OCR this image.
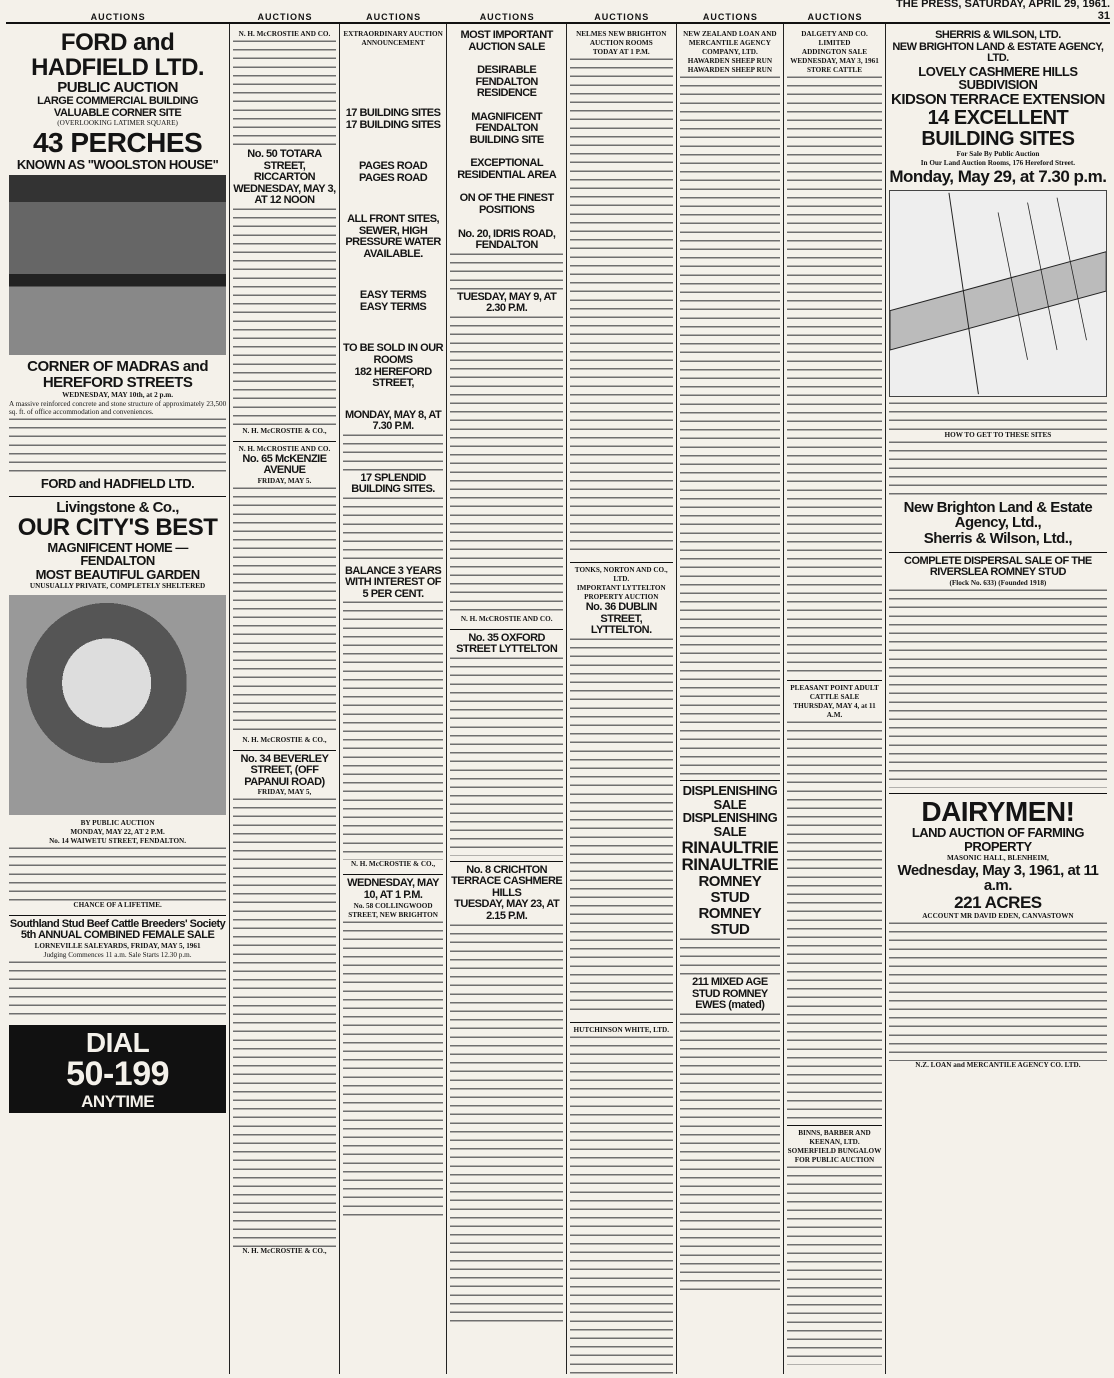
AUCTIONS	AUCTIONS	AUCTIONS	AUCTIONS	AUCTIONS	AUCTIONS	AUCTIONS
THE PRESS, SATURDAY, APRIL 29, 1961. 31
FORD and HADFIELD LTD.
PUBLIC AUCTION
LARGE COMMERCIAL BUILDING
VALUABLE CORNER SITE
(OVERLOOKING LATIMER SQUARE)
43 PERCHES
KNOWN AS "WOOLSTON HOUSE"
CORNER OF MADRAS and HEREFORD STREETS
WEDNESDAY, MAY 10th, at 2 p.m.
A massive reinforced concrete and stone structure of approximately 23,500 sq. ft. of office accommodation and conveniences.
FORD and HADFIELD LTD.
Livingstone & Co.,
OUR CITY'S BEST
MAGNIFICENT HOME — FENDALTON
MOST BEAUTIFUL GARDEN
UNUSUALLY PRIVATE, COMPLETELY SHELTERED
BY PUBLIC AUCTION
MONDAY, MAY 22, AT 2 P.M.
No. 14 WAIWETU STREET, FENDALTON.
CHANCE OF A LIFETIME.
Southland Stud Beef Cattle Breeders' Society
5th ANNUAL COMBINED FEMALE SALE
LORNEVILLE SALEYARDS, FRIDAY, MAY 5, 1961
Judging Commences 11 a.m. Sale Starts 12.30 p.m.
DIAL
50-199
ANYTIME
N. H. McCROSTIE AND CO.
No. 50 TOTARA STREET, RICCARTON
WEDNESDAY, MAY 3, AT 12 NOON
N. H. McCROSTIE & CO.,
N. H. McCROSTIE AND CO.
No. 65 McKENZIE AVENUE
FRIDAY, MAY 5.
N. H. McCROSTIE & CO.,
No. 34 BEVERLEY STREET, (OFF PAPANUI ROAD)
FRIDAY, MAY 5,
N. H. McCROSTIE & CO.,
EXTRAORDINARY AUCTION ANNOUNCEMENT
17 BUILDING SITES
17 BUILDING SITES
PAGES ROAD
PAGES ROAD
ALL FRONT SITES, SEWER, HIGH PRESSURE WATER AVAILABLE.
EASY TERMS
EASY TERMS
TO BE SOLD IN OUR ROOMS
182 HEREFORD STREET,
MONDAY, MAY 8, AT 7.30 P.M.
17 SPLENDID BUILDING SITES.
BALANCE 3 YEARS WITH INTEREST OF 5 PER CENT.
N. H. McCROSTIE & CO.,
WEDNESDAY, MAY 10, AT 1 P.M.
No. 58 COLLINGWOOD STREET, NEW BRIGHTON
MOST IMPORTANT AUCTION SALE
DESIRABLE FENDALTON RESIDENCE
MAGNIFICENT FENDALTON BUILDING SITE
EXCEPTIONAL RESIDENTIAL AREA
ON OF THE FINEST POSITIONS
No. 20, IDRIS ROAD, FENDALTON
TUESDAY, MAY 9, AT 2.30 P.M.
N. H. McCROSTIE AND CO.
No. 35 OXFORD STREET LYTTELTON
No. 8 CRICHTON TERRACE CASHMERE HILLS
TUESDAY, MAY 23, AT 2.15 P.M.
NELMES NEW BRIGHTON AUCTION ROOMS
TODAY AT 1 P.M.
TONKS, NORTON AND CO., LTD.
IMPORTANT LYTTELTON PROPERTY AUCTION
No. 36 DUBLIN STREET, LYTTELTON.
HUTCHINSON WHITE, LTD.
NEW ZEALAND LOAN AND MERCANTILE AGENCY COMPANY, LTD.
HAWARDEN SHEEP RUN
HAWARDEN SHEEP RUN
DISPLENISHING SALE
DISPLENISHING SALE
RINAULTRIE
RINAULTRIE
ROMNEY STUD
ROMNEY STUD
211 MIXED AGE STUD ROMNEY EWES (mated)
DALGETY AND CO. LIMITED
ADDINGTON SALE
WEDNESDAY, MAY 3, 1961
STORE CATTLE
PLEASANT POINT ADULT CATTLE SALE
THURSDAY, MAY 4, at 11 A.M.
BINNS, BARBER AND KEENAN, LTD.
SOMERFIELD BUNGALOW FOR PUBLIC AUCTION
SHERRIS & WILSON, LTD.
NEW BRIGHTON LAND & ESTATE AGENCY, LTD.
LOVELY CASHMERE HILLS SUBDIVISION
KIDSON TERRACE EXTENSION
14 EXCELLENT BUILDING SITES
For Sale By Public Auction
In Our Land Auction Rooms, 176 Hereford Street.
Monday, May 29, at 7.30 p.m.
HOW TO GET TO THESE SITES
New Brighton Land & Estate Agency, Ltd.,
Sherris & Wilson, Ltd.,
COMPLETE DISPERSAL SALE OF THE RIVERSLEA ROMNEY STUD
(Flock No. 633) (Founded 1918)
DAIRYMEN!
LAND AUCTION OF FARMING PROPERTY
MASONIC HALL, BLENHEIM,
Wednesday, May 3, 1961, at 11 a.m.
221 ACRES
ACCOUNT MR DAVID EDEN, CANVASTOWN
N.Z. LOAN and MERCANTILE AGENCY CO. LTD.
